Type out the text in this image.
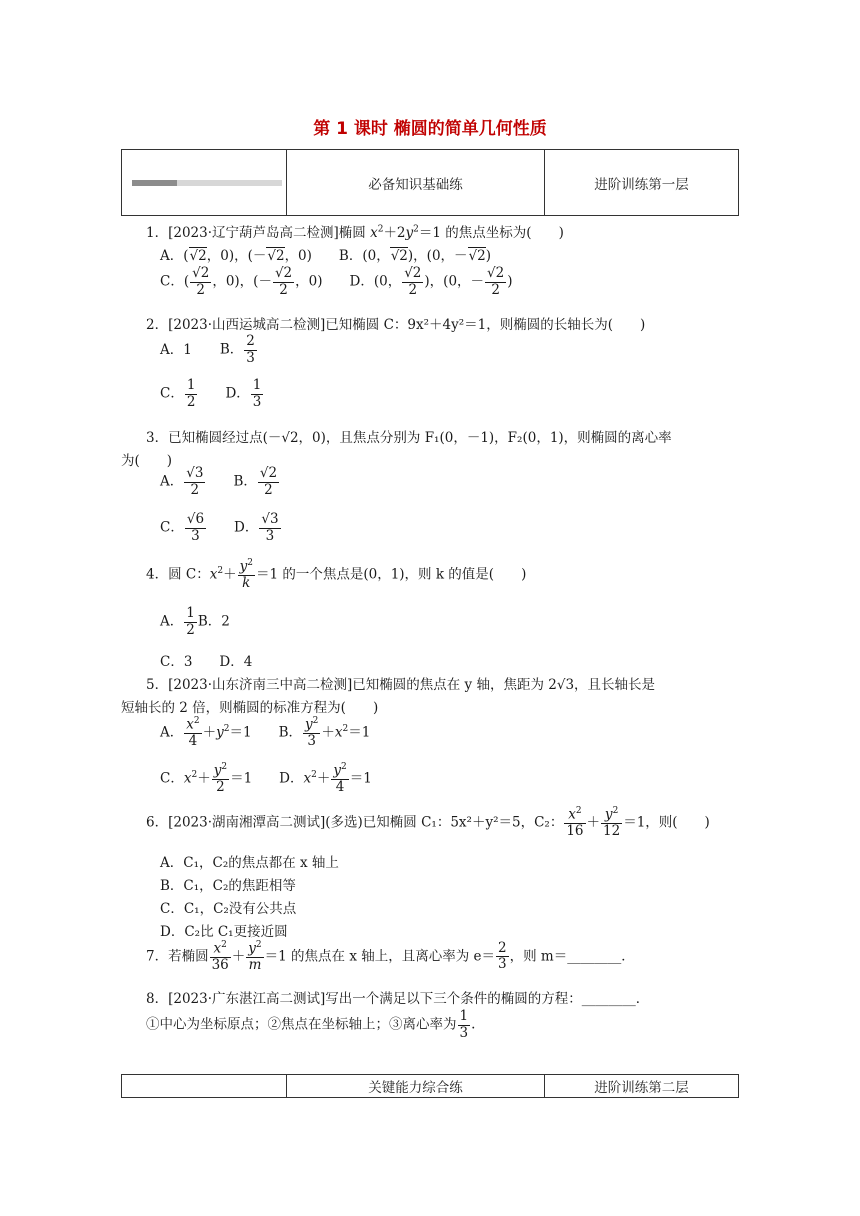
第 1 课时 椭圆的简单几何性质
	必备知识基础练	进阶训练第一层
1．[2023·辽宁葫芦岛高二检测]椭圆 $x^2+2y^2=1$ 的焦点坐标为(　　)
A．(√2，0)，(－√2，0)　　B．(0，√2)，(0，－√2)
C．( $\frac{√2}{2}$ ，0)，(－ $\frac{√2}{2}$ ，0)　　D．(0， $\frac{√2}{2}$ )，(0，－ $\frac{√2}{2}$ )
2．[2023·山西运城高二检测]已知椭圆 C：9x²＋4y²＝1，则椭圆的长轴长为(　　)
A．1 B． $\frac{2}{3}$
C． $\frac{1}{2}$
　　 D． $\frac{1}{3}$
3．已知椭圆经过点(－√2，0)，且焦点分别为 F₁(0，－1)，F₂(0，1)，则椭圆的离心率
为(　　)
A． $\frac{√3}{2}$
　　 B． $\frac{√2}{2}$
C． $\frac{√6}{3}$
　　 D． $\frac{√3}{3}$
4．圆 C：$x^2+ \frac{y^2}{k} =1$ 的一个焦点是(0，1)，则 k 的值是(　　)
A． $\frac{1}{2}$ B．2
C．3　　 D．4
5．[2023·山东济南三中高二检测]已知椭圆的焦点在 y 轴，焦距为 2√3，且长轴长是
短轴长的 2 倍，则椭圆的标准方程为(　　)
A． $\frac{x^2}{4} +y^2=1$　　B． $\frac{y^2}{3} +x^2=1$
C．$x^2+ \frac{y^2}{2} =1$　　D．$x^2+ \frac{y^2}{4} =1$
6．[2023·湖南湘潭高二测试](多选)已知椭圆 C₁：5x²＋y²＝5，C₂： $\frac{x^2}{16} + \frac{y^2}{12} =1$，则(　　)
A．C₁，C₂的焦点都在 x 轴上
B．C₁，C₂的焦距相等
C．C₁，C₂没有公共点
D．C₂比 C₁更接近圆
7．若椭圆 $\frac{x^2}{36} + \frac{y^2}{m} =1$ 的焦点在 x 轴上，且离心率为 $e= \frac{2}{3}$ ，则 m＝________．
8．[2023·广东湛江高二测试]写出一个满足以下三个条件的椭圆的方程：________．
①中心为坐标原点；②焦点在坐标轴上；③离心率为 $\frac{1}{3}$ .
	关键能力综合练	进阶训练第二层
